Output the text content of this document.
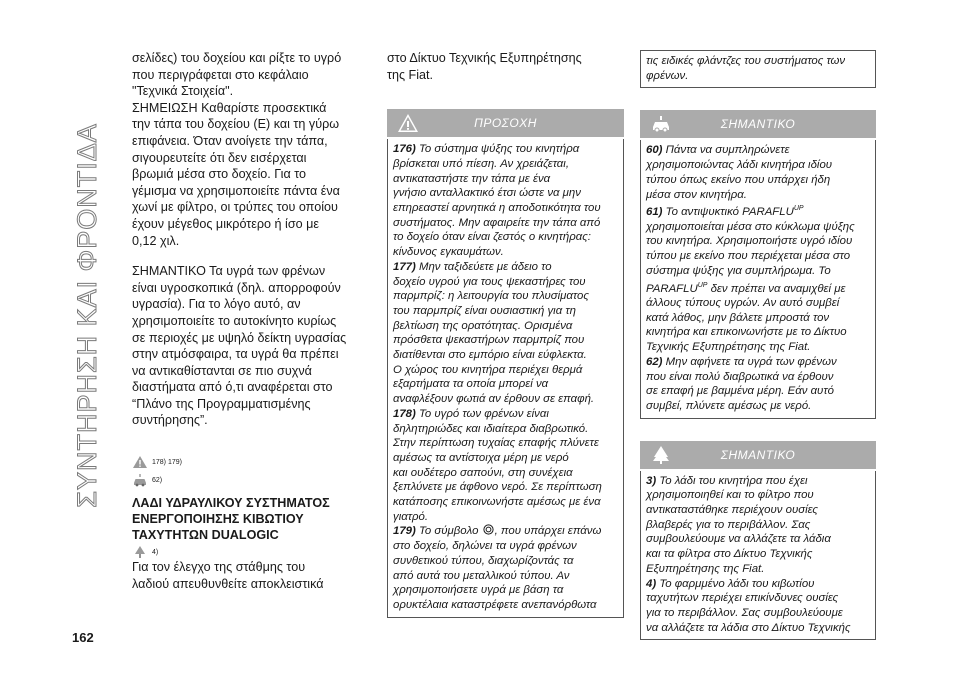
ΣΥΝΤΗΡΗΣΗ ΚΑΙ ΦΡΟΝΤΙΔΑ
162

σελίδες) του δοχείου και ρίξτε το υγρό

που περιγράφεται στο κεφάλαιο

"Τεχνικά Στοιχεία".

ΣΗΜΕΙΩΣΗ Καθαρίστε προσεκτικά

την τάπα του δοχείου (E) και τη γύρω

επιφάνεια. Όταν ανοίγετε την τάπα,

σιγουρευτείτε ότι δεν εισέρχεται

βρωμιά μέσα στο δοχείο. Για το

γέμισμα να χρησιμοποιείτε πάντα ένα

χωνί με φίλτρο, οι τρύπες του οποίου

έχουν μέγεθος μικρότερο ή ίσο με

0,12 χιλ.

ΣΗΜΑΝΤΙΚΟ Τα υγρά των φρένων

είναι υγροσκοπικά (δηλ. απορροφούν

υγρασία). Για το λόγο αυτό, αν

χρησιμοποιείτε το αυτοκίνητο κυρίως

σε περιοχές με υψηλό δείκτη υγρασίας

στην ατμόσφαιρα, τα υγρά θα πρέπει

να αντικαθίστανται σε πιο συχνά

διαστήματα από ό,τι αναφέρεται στο

“Πλάνο της Προγραμματισμένης

συντήρησης”.

178) 179)
62)

ΛΑΔΙ ΥΔΡΑΥΛΙΚΟΥ ΣΥΣΤΗΜΑΤΟΣ

ΕΝΕΡΓΟΠΟΙΗΣΗΣ ΚΙΒΩΤΙΟΥ

ΤΑΧΥΤΗΤΩΝ DUALOGIC

4)

Για τον έλεγχο της στάθμης του

λαδιού απευθυνθείτε αποκλειστικά

στο Δίκτυο Τεχνικής Εξυπηρέτησης

της Fiat.

ΠΡΟΣΟΧΗ

176) Το σύστημα ψύξης του κινητήρα

βρίσκεται υπό πίεση. Αν χρειάζεται,

αντικαταστήστε την τάπα με ένα

γνήσιο ανταλλακτικό έτσι ώστε να μην

επηρεαστεί αρνητικά η αποδοτικότητα του

συστήματος. Μην αφαιρείτε την τάπα από

το δοχείο όταν είναι ζεστός ο κινητήρας:

κίνδυνος εγκαυμάτων.

177) Μην ταξιδεύετε με άδειο το

δοχείο υγρού για τους ψεκαστήρες του

παρμπρίζ: η λειτουργία του πλυσίματος

του παρμπρίζ είναι ουσιαστική για τη

βελτίωση της ορατότητας. Ορισμένα

πρόσθετα ψεκαστήρων παρμπρίζ που

διατίθενται στο εμπόριο είναι εύφλεκτα.

Ο χώρος του κινητήρα περιέχει θερμά

εξαρτήματα τα οποία μπορεί να

αναφλέξουν φωτιά αν έρθουν σε επαφή.

178) Το υγρό των φρένων είναι

δηλητηριώδες και ιδιαίτερα διαβρωτικό.

Στην περίπτωση τυχαίας επαφής πλύνετε

αμέσως τα αντίστοιχα μέρη με νερό

και ουδέτερο σαπούνι, στη συνέχεια

ξεπλύνετε με άφθονο νερό. Σε περίπτωση

κατάποσης επικοινωνήστε αμέσως με ένα

γιατρό.

179) Το σύμβολο , που υπάρχει επάνω

στο δοχείο, δηλώνει τα υγρά φρένων

συνθετικού τύπου, διαχωρίζοντάς τα

από αυτά του μεταλλικού τύπου. Αν

χρησιμοποιήσετε υγρά με βάση τα

ορυκτέλαια καταστρέφετε ανεπανόρθωτα

τις ειδικές φλάντζες του συστήματος των

φρένων.

ΣΗΜΑΝΤΙΚΟ

60) Πάντα να συμπληρώνετε

χρησιμοποιώντας λάδι κινητήρα ιδίου

τύπου όπως εκείνο που υπάρχει ήδη

μέσα στον κινητήρα.

61) Το αντιψυκτικό $PARAFLU^{UP}$

χρησιμοποιείται μέσα στο κύκλωμα ψύξης

του κινητήρα. Χρησιμοποιήστε υγρό ιδίου

τύπου με εκείνο που περιέχεται μέσα στο

σύστημα ψύξης για συμπλήρωμα. Το

$PARAFLU^{UP}$ δεν πρέπει να αναμιχθεί με

άλλους τύπους υγρών. Αν αυτό συμβεί

κατά λάθος, μην βάλετε μπροστά τον

κινητήρα και επικοινωνήστε με το Δίκτυο

Τεχνικής Εξυπηρέτησης της Fiat.

62) Μην αφήνετε τα υγρά των φρένων

που είναι πολύ διαβρωτικά να έρθουν

σε επαφή με βαμμένα μέρη. Εάν αυτό

συμβεί, πλύνετε αμέσως με νερό.

ΣΗΜΑΝΤΙΚΟ

3) Το λάδι του κινητήρα που έχει

χρησιμοποιηθεί και το φίλτρο που

αντικαταστάθηκε περιέχουν ουσίες

βλαβερές για το περιβάλλον. Σας

συμβουλεύουμε να αλλάζετε τα λάδια

και τα φίλτρα στο Δίκτυο Τεχνικής

Εξυπηρέτησης της Fiat.

4) Το φαρμμένο λάδι του κιβωτίου

ταχυτήτων περιέχει επικίνδυνες ουσίες

για το περιβάλλον. Σας συμβουλεύουμε

να αλλάζετε τα λάδια στο Δίκτυο Τεχνικής
